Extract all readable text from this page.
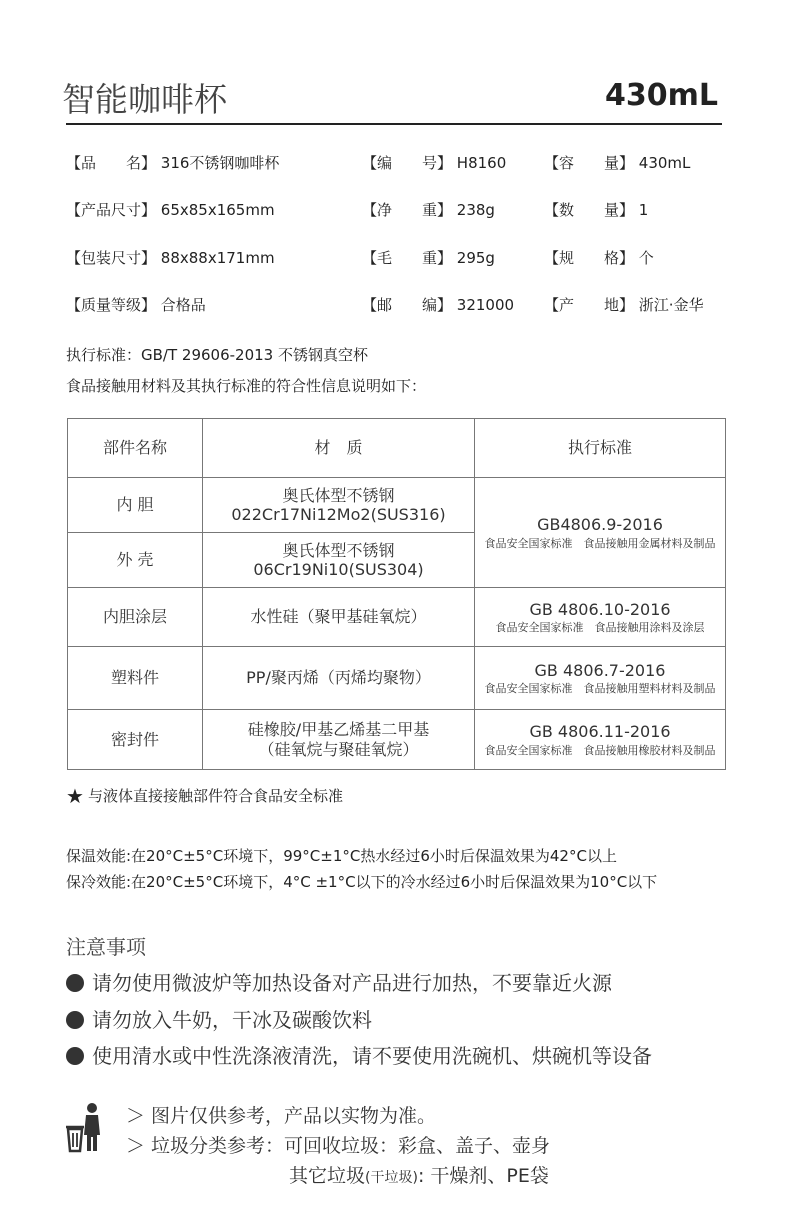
智能咖啡杯	430mL
【品　　名】 316不锈钢咖啡杯	【编　　号】 H8160	【容　　量】 430mL
【产品尺寸】 65x85x165mm	【净　　重】 238g	【数　　量】 1
【包装尺寸】 88x88x171mm	【毛　　重】 295g	【规　　格】 个
【质量等级】 合格品	【邮　　编】 321000 【产　　地】 浙江·金华
执行标准：GB/T 29606-2013 不锈钢真空杯
食品接触用材料及其执行标准的符合性信息说明如下：
部件名称	材　质	执行标准
内 胆	奥氏体型不锈钢
022Cr17Ni12Mo2(SUS316)	GB4806.9-2016
食品安全国家标准　食品接触用金属材料及制品

外 壳	奥氏体型不锈钢
06Cr19Ni10(SUS304)	

内胆涂层	水性硅（聚甲基硅氧烷）	GB 4806.10-2016
食品安全国家标准　食品接触用涂料及涂层

塑料件	PP/聚丙烯（丙烯均聚物）	GB 4806.7-2016
食品安全国家标准　食品接触用塑料材料及制品

密封件	硅橡胶/甲基乙烯基二甲基
（硅氧烷与聚硅氧烷）	GB 4806.11-2016
食品安全国家标准　食品接触用橡胶材料及制品
★ 与液体直接接触部件符合食品安全标准
保温效能:在20°C±5°C环境下，99°C±1°C热水经过6小时后保温效果为42°C以上
保冷效能:在20°C±5°C环境下，4°C ±1°C以下的冷水经过6小时后保温效果为10°C以下
注意事项
请勿使用微波炉等加热设备对产品进行加热，不要靠近火源
请勿放入牛奶，干冰及碳酸饮料
使用清水或中性洗涤液清洗，请不要使用洗碗机、烘碗机等设备
＞ 图片仅供参考，产品以实物为准。
＞ 垃圾分类参考：可回收垃圾：彩盒、盖子、壶身
其它垃圾(干垃圾): 干燥剂、PE袋
